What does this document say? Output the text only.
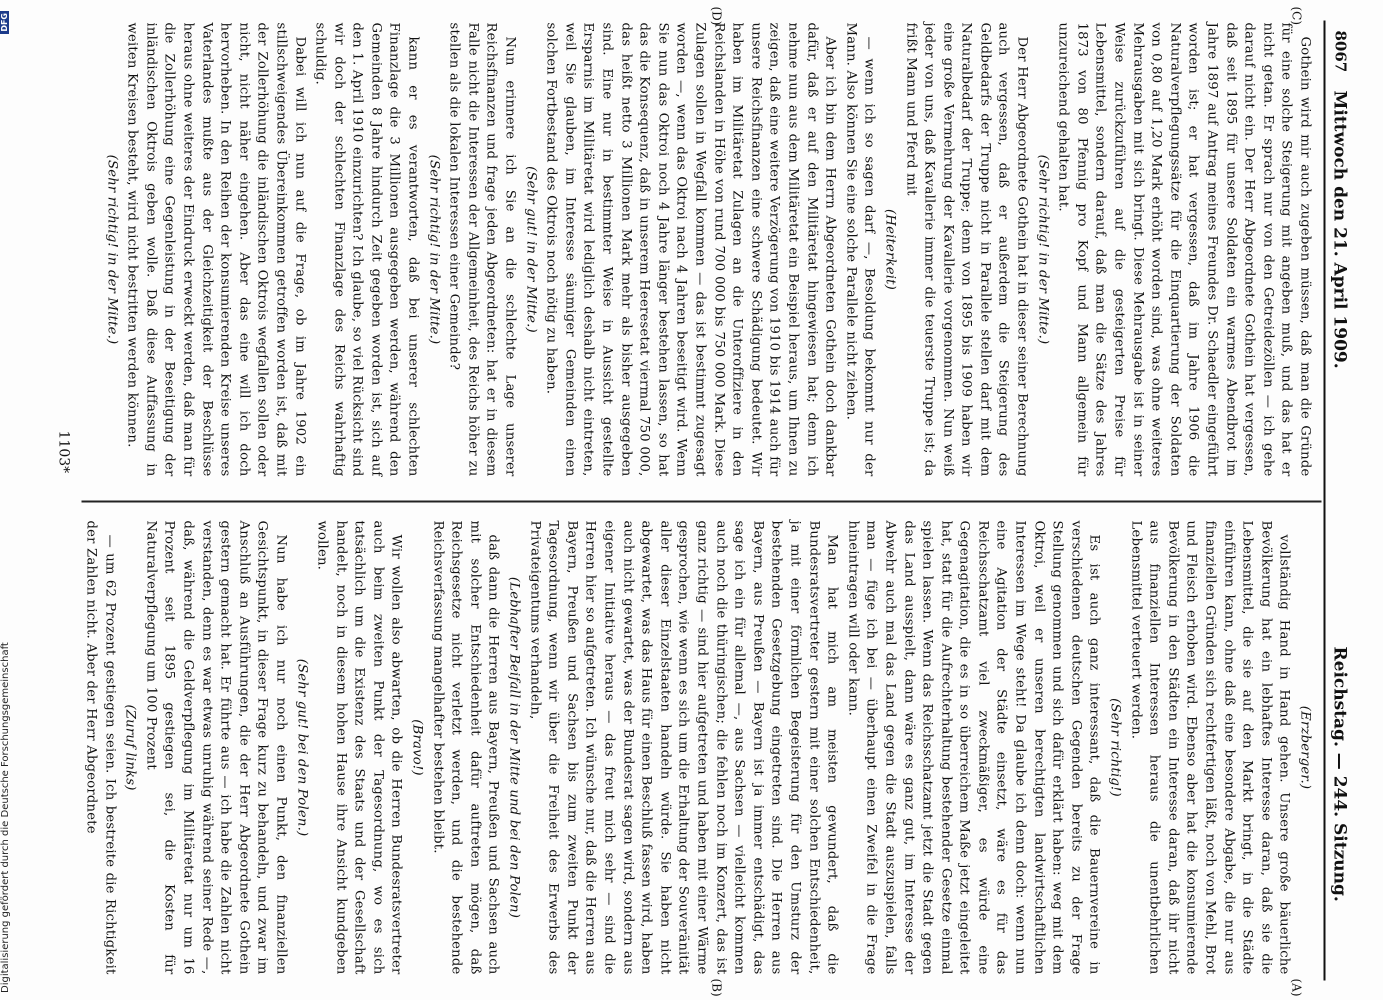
8067
Mittwoch den 21. April 1909.
Reichstag. — 244. Sitzung.
(C)
(D)
(A)
(B)

Gothein wird mir auch zugeben müssen, daß man die Gründe für eine solche Steigerung mit angeben muß, und das hat er nicht getan. Er sprach nur von den Getreidezöllen — ich gehe darauf nicht ein. Der Herr Abgeordnete Gothein hat vergessen, daß seit 1895 für unsere Soldaten ein warmes Abendbrot im Jahre 1897 auf Antrag meines Freundes Dr. Schaedler eingeführt worden ist; er hat vergessen, daß im Jahre 1906 die Naturalverpflegungssätze für die Einquartierung der Soldaten von 0,80 auf 1,20 Mark erhöht worden sind, was ohne weiteres Mehrausgaben mit sich bringt. Diese Mehrausgabe ist in seiner Weise zurückzuführen auf die gesteigerten Preise für Lebensmittel, sondern darauf, daß man die Sätze des Jahres 1873 von 80 Pfennig pro Kopf und Mann allgemein für unzureichend gehalten hat.

(Sehr richtig! in der Mitte.)

Der Herr Abgeordnete Gothein hat in dieser seiner Berechnung auch vergessen, daß er außerdem die Steigerung des Geldbedarfs der Truppe nicht in Parallele stellen darf mit dem Naturalbedarf der Truppe; denn von 1895 bis 1909 haben wir eine große Vermehrung der Kavallerie vorgenommen. Nun weiß jeder von uns, daß Kavallerie immer die teuerste Truppe ist; da frißt Mann und Pferd mit

(Heiterkeit)

— wenn ich so sagen darf —, Besoldung bekommt nur der Mann. Also können Sie eine solche Parallele nicht ziehen.

Aber ich bin dem Herrn Abgeordneten Gothein doch dankbar dafür, daß er auf den Militäretat hingewiesen hat; denn ich nehme nun aus dem Militäretat ein Beispiel heraus, um Ihnen zu zeigen, daß eine weitere Verzögerung von 1910 bis 1914 auch für unsere Reichsfinanzen eine schwere Schädigung bedeutet. Wir haben im Militäretat Zulagen an die Unteroffiziere in den Reichslanden in Höhe von rund 700 000 bis 750 000 Mark. Diese Zulagen sollen in Wegfall kommen — das ist bestimmt zugesagt worden —, wenn das Oktroi nach 4 Jahren beseitigt wird. Wenn Sie nun das Oktroi noch 4 Jahre länger bestehen lassen, so hat das die Konsequenz, daß in unserem Heeresetat viermal 750 000, das heißt netto 3 Millionen Mark mehr als bisher ausgegeben sind. Eine nur in bestimmter Weise in Aussicht gestellte Ersparnis im Militäretat wird lediglich deshalb nicht eintreten, weil Sie glauben, im Interesse säumiger Gemeinden einen solchen Fortbestand des Oktrois noch nötig zu haben.

(Sehr gut! in der Mitte.)

Nun erinnere ich Sie an die schlechte Lage unserer Reichsfinanzen und frage jeden Abgeordneten: hat er in diesem Falle nicht die Interessen der Allgemeinheit, des Reichs höher zu stellen als die lokalen Interessen einer Gemeinde?

(Sehr richtig! in der Mitte.)

kann er es verantworten, daß bei unserer schlechten Finanzlage die 3 Millionen ausgegeben werden, während den Gemeinden 8 Jahre hindurch Zeit gegeben worden ist, sich auf den 1. April 1910 einzurichten? Ich glaube, so viel Rücksicht sind wir doch der schlechten Finanzlage des Reichs wahrhaftig schuldig.

Dabei will ich nun auf die Frage, ob im Jahre 1902 ein stillschweigendes Übereinkommen getroffen worden ist, daß mit der Zollerhöhung die inländischen Oktrois wegfallen sollen oder nicht, nicht näher eingehen. Aber das eine will ich doch hervorheben. In den Reihen der konsumierenden Kreise unseres Vaterlandes mußte aus der Gleichzeitigkeit der Beschlüsse heraus ohne weiteres der Eindruck erweckt werden, daß man für die Zollerhöhung eine Gegenleistung in der Beseitigung der inländischen Oktrois geben wolle. Daß diese Auffassung in weiten Kreisen besteht, wird nicht bestritten werden können.

(Sehr richtig! in der Mitte.)

(Erzberger.)

vollständig Hand in Hand gehen. Unsere große bäuerliche Bevölkerung hat ein lebhaftes Interesse daran, daß sie die Lebensmittel, die sie auf den Markt bringt, in die Städte einführen kann, ohne daß eine besondere Abgabe, die nur aus finanziellen Gründen sich rechtfertigen läßt, noch von Mehl, Brot und Fleisch erhoben wird. Ebenso aber hat die konsumierende Bevölkerung in den Städten ein Interesse daran, daß ihr nicht aus finanziellen Interessen heraus die unentbehrlichen Lebensmittel verteuert werden.

(Sehr richtig!)

Es ist auch ganz interessant, daß die Bauernvereine in verschiedenen deutschen Gegenden bereits zu der Frage Stellung genommen und sich dafür erklärt haben: weg mit dem Oktroi, weil er unseren berechtigten landwirtschaftlichen Interessen im Wege steht! Da glaube ich denn doch: wenn nun eine Agitation der Städte einsetzt, wäre es für das Reichsschatzamt viel zweckmäßiger, es würde eine Gegenagitation, die es in so überreichem Maße jetzt eingeleitet hat, statt für die Aufrechterhaltung bestehender Gesetze einmal spielen lassen. Wenn das Reichsschatzamt jetzt die Stadt gegen das Land ausspielt, dann wäre es ganz gut, im Interesse der Abwehr auch mal das Land gegen die Stadt auszuspielen, falls man — füge ich bei — überhaupt einen Zweifel in die Frage hineintragen will oder kann.

Man hat mich am meisten gewundert, daß die Bundesratsvertreter gestern mit einer solchen Entschiedenheit, ja mit einer förmlichen Begeisterung für den Umsturz der bestehenden Gesetzgebung eingetreten sind. Die Herren aus Bayern, aus Preußen — Bayern ist ja immer entschädigt, das sage ich ein für allemal —, aus Sachsen — vielleicht kommen auch noch die thüringischen; die fehlen noch im Konzert, das ist ganz richtig — sind hier aufgetreten und haben mit einer Wärme gesprochen, wie wenn es sich um die Erhaltung der Souveränität aller dieser Einzelstaaten handeln würde. Sie haben nicht abgewartet, was das Haus für einen Beschluß fassen wird, haben auch nicht gewartet, was der Bundesrat sagen wird, sondern aus eigener Initiative heraus — das freut mich sehr — sind die Herren hier so aufgetreten. Ich wünsche nur, daß die Herren aus Bayern, Preußen und Sachsen bis zum zweiten Punkt der Tagesordnung, wenn wir über die Freiheit des Erwerbs des Privateigentums verhandeln,

(Lebhafter Beifall in der Mitte und bei den Polen)

daß dann die Herren aus Bayern, Preußen und Sachsen auch mit solcher Entschiedenheit dafür auftreten mögen, daß Reichsgesetze nicht verletzt werden, und die bestehende Reichsverfassung mangelhafter bestehen bleibt.

(Bravo!)

Wir wollen also abwarten, ob die Herren Bundesratsvertreter auch beim zweiten Punkt der Tagesordnung, wo es sich tatsächlich um die Existenz des Staats und der Gesellschaft handelt, noch in diesem hohen Hause ihre Ansicht kundgeben wollen.

(Sehr gut! bei den Polen.)

Nun habe ich nur noch einen Punkt, den finanziellen Gesichtspunkt, in dieser Frage kurz zu behandeln, und zwar im Anschluß an Ausführungen, die der Herr Abgeordnete Gothein gestern gemacht hat. Er führte aus — ich habe die Zahlen nicht verstanden, denn es war etwas unruhig während seiner Rede —, daß, während die Geldverpflegung im Militäretat nur um 16 Prozent seit 1895 gestiegen sei, die Kosten für Naturalverpflegung um 100 Prozent

(Zuruf links)

— um 62 Prozent gestiegen seien. Ich bestreite die Richtigkeit der Zahlen nicht. Aber der Herr Abgeordnete

1103*
Digitalisierung gefördert durch die Deutsche Forschungsgemeinschaft
DFG
